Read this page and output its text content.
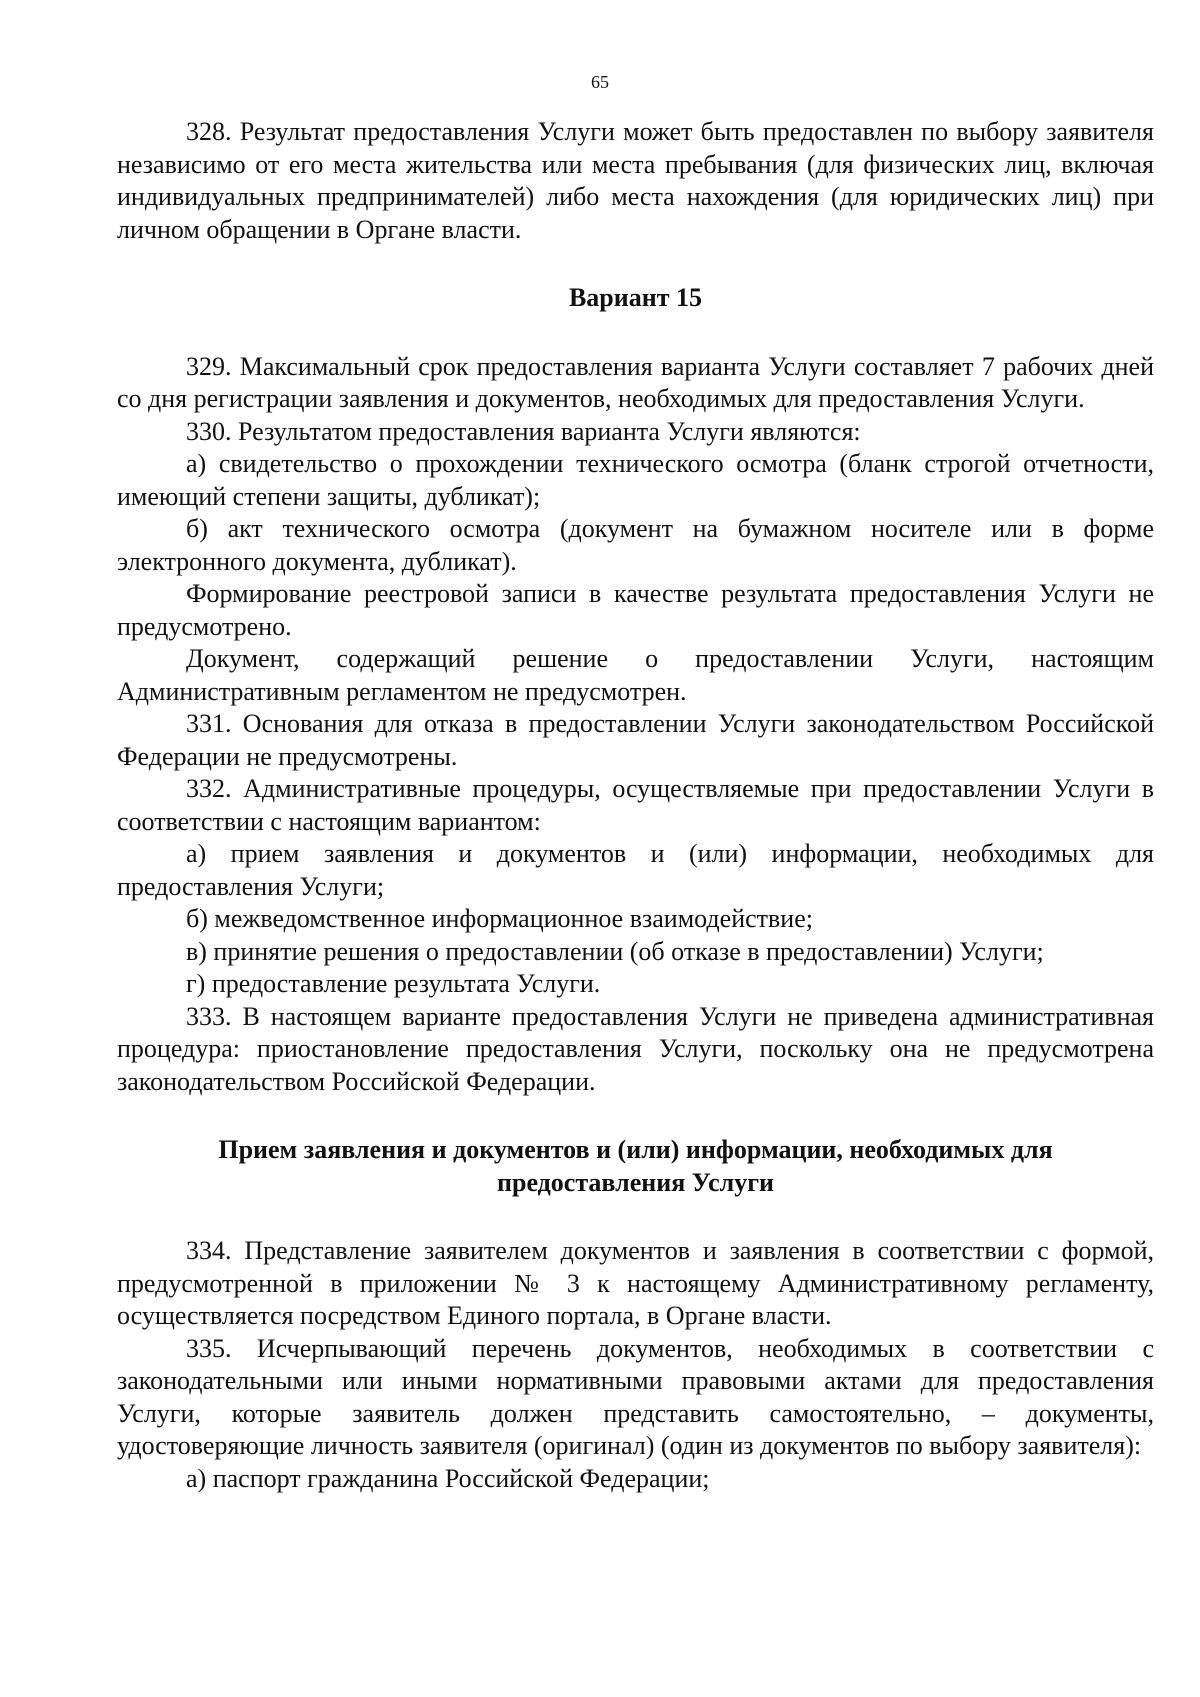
65

328. Результат предоставления Услуги может быть предоставлен по выбору заявителя независимо от его места жительства или места пребывания (для физических лиц, включая индивидуальных предпринимателей) либо места нахождения (для юридических лиц) при личном обращении в Органе власти.

Вариант 15

329. Максимальный срок предоставления варианта Услуги составляет 7 рабочих дней со дня регистрации заявления и документов, необходимых для предоставления Услуги.

330. Результатом предоставления варианта Услуги являются:

а) свидетельство о прохождении технического осмотра (бланк строгой отчетности, имеющий степени защиты, дубликат);

б) акт технического осмотра (документ на бумажном носителе или в форме электронного документа, дубликат).

Формирование реестровой записи в качестве результата предоставления Услуги не предусмотрено.

Документ, содержащий решение о предоставлении Услуги, настоящим Административным регламентом не предусмотрен.

331. Основания для отказа в предоставлении Услуги законодательством Российской Федерации не предусмотрены.

332. Административные процедуры, осуществляемые при предоставлении Услуги в соответствии с настоящим вариантом:

а) прием заявления и документов и (или) информации, необходимых для предоставления Услуги;

б) межведомственное информационное взаимодействие;

в) принятие решения о предоставлении (об отказе в предоставлении) Услуги;

г) предоставление результата Услуги.

333. В настоящем варианте предоставления Услуги не приведена административная процедура: приостановление предоставления Услуги, поскольку она не предусмотрена законодательством Российской Федерации.

Прием заявления и документов и (или) информации, необходимых для предоставления Услуги

334. Представление заявителем документов и заявления в соответствии с формой, предусмотренной в приложении № 3 к настоящему Административному регламенту, осуществляется посредством Единого портала, в Органе власти.

335. Исчерпывающий перечень документов, необходимых в соответствии с законодательными или иными нормативными правовыми актами для предоставления Услуги, которые заявитель должен представить самостоятельно, – документы, удостоверяющие личность заявителя (оригинал) (один из документов по выбору заявителя):

а) паспорт гражданина Российской Федерации;
